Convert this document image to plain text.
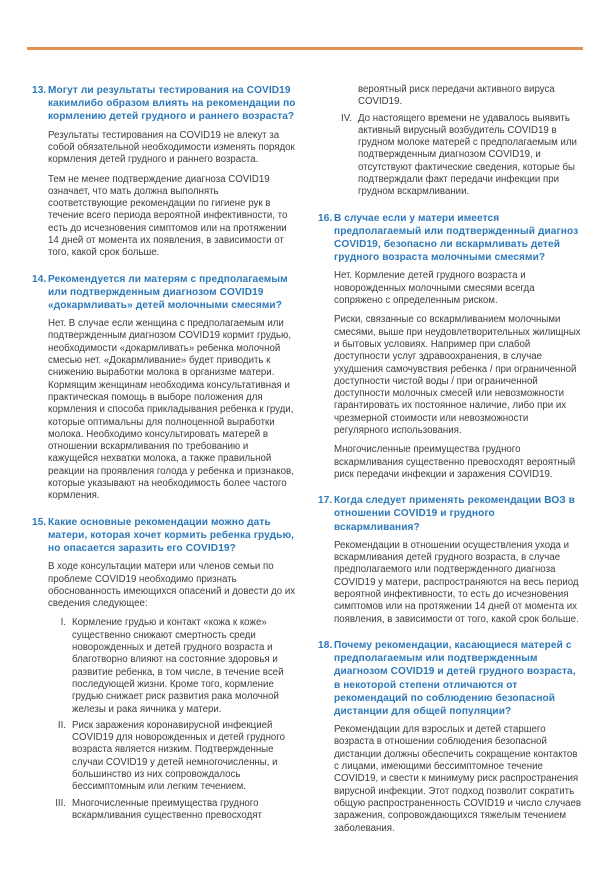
13. Могут ли результаты тестирования на COVID19 какимлибо образом влиять на рекомендации по кормлению детей грудного и раннего возраста?

Результаты тестирования на COVID19 не влекут за собой обязательной необходимости изменять порядок кормления детей грудного и раннего возраста.

Тем не менее подтверждение диагноза COVID19 означает, что мать должна выполнять соответствующие рекомендации по гигиене рук в течение всего периода вероятной инфективности, то есть до исчезновения симптомов или на протяжении 14 дней от момента их появления, в зависимости от того, какой срок больше.

14. Рекомендуется ли матерям с предполагаемым или подтвержденным диагнозом COVID19 «докармливать» детей молочными смесями?

Нет. В случае если женщина с предполагаемым или подтвержденным диагнозом COVID19 кормит грудью, необходимости «докармливать» ребенка молочной смесью нет. «Докармливание» будет приводить к снижению выработки молока в организме матери. Кормящим женщинам необходима консультативная и практическая помощь в выборе положения для кормления и способа прикладывания ребенка к груди, которые оптимальны для полноценной выработки молока. Необходимо консультировать матерей в отношении вскармливания по требованию и кажущейся нехватки молока, а также правильной реакции на проявления голода у ребенка и признаков, которые указывают на необходимость более частого кормления.

15. Какие основные рекомендации можно дать матери, которая хочет кормить ребенка грудью, но опасается заразить его COVID19?

В ходе консультации матери или членов семьи по проблеме COVID19 необходимо признать обоснованность имеющихся опасений и довести до их сведения следующее:

I. Кормление грудью и контакт «кожа к коже» существенно снижают смертность среди новорожденных и детей грудного возраста и благотворно влияют на состояние здоровья и развитие ребенка, в том числе, в течение всей последующей жизни. Кроме того, кормление грудью снижает риск развития рака молочной железы и рака яичника у матери.
II. Риск заражения коронавирусной инфекцией COVID19 для новорожденных и детей грудного возраста является низким. Подтвержденные случаи COVID19 у детей немногочисленны, и большинство из них сопровождалось бессимптомным или легким течением.
III. Многочисленные преимущества грудного вскармливания существенно превосходят

вероятный риск передачи активного вируса COVID19.

IV. До настоящего времени не удавалось выявить активный вирусный возбудитель COVID19 в грудном молоке матерей с предполагаемым или подтвержденным диагнозом COVID19, и отсутствуют фактические сведения, которые бы подтверждали факт передачи инфекции при грудном вскармливании.
16. В случае если у матери имеется предполагаемый или подтвержденный диагноз COVID19, безопасно ли вскармливать детей грудного возраста молочными смесями?

Нет. Кормление детей грудного возраста и новорожденных молочными смесями всегда сопряжено с определенным риском.

Риски, связанные со вскармливанием молочными смесями, выше при неудовлетворительных жилищных и бытовых условиях. Например при слабой доступности услуг здравоохранения, в случае ухудшения самочувствия ребенка / при ограниченной доступности чистой воды / при ограниченной доступности молочных смесей или невозможности гарантировать их постоянное наличие, либо при их чрезмерной стоимости или невозможности регулярного использования.

Многочисленные преимущества грудного вскармливания существенно превосходят вероятный риск передачи инфекции и заражения COVID19.

17. Когда следует применять рекомендации ВОЗ в отношении COVID19 и грудного вскармливания?

Рекомендации в отношении осуществления ухода и вскармливания детей грудного возраста, в случае предполагаемого или подтвержденного диагноза COVID19 у матери, распространяются на весь период вероятной инфективности, то есть до исчезновения симптомов или на протяжении 14 дней от момента их появления, в зависимости от того, какой срок больше.

18. Почему рекомендации, касающиеся матерей с предполагаемым или подтвержденным диагнозом COVID19 и детей грудного возраста, в некоторой степени отличаются от рекомендаций по соблюдению безопасной дистанции для общей популяции?

Рекомендации для взрослых и детей старшего возраста в отношении соблюдения безопасной дистанции должны обеспечить сокращение контактов с лицами, имеющими бессимптомное течение COVID19, и свести к минимуму риск распространения вирусной инфекции. Этот подход позволит сократить общую распространенность COVID19 и число случаев заражения, сопровождающихся тяжелым течением заболевания.
